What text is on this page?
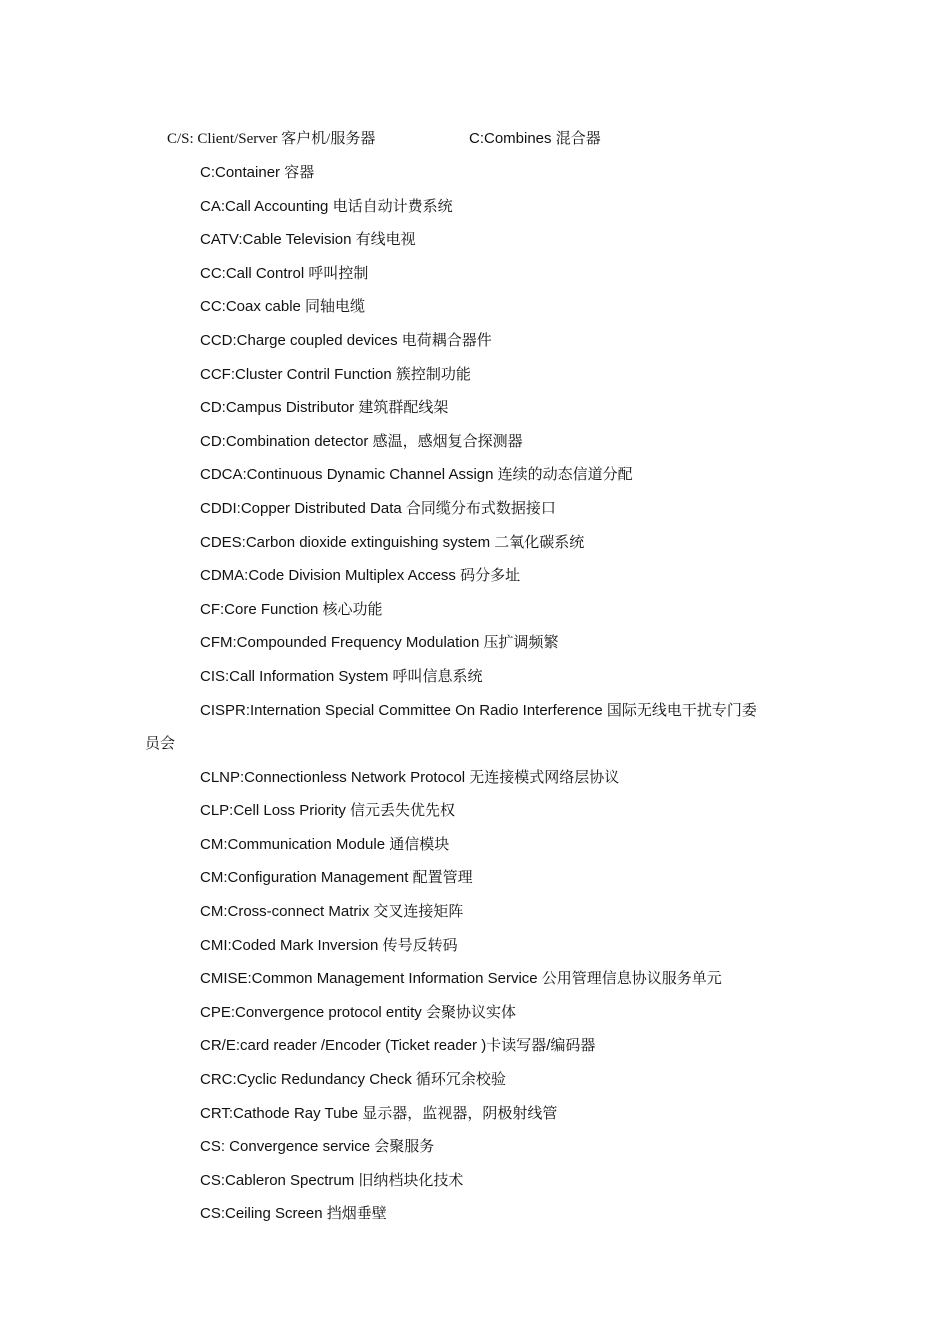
C/S: Client/Server 客户机/服务器	C:Combines 混合器
C:Container 容器
CA:Call Accounting 电话自动计费系统
CATV:Cable Television 有线电视
CC:Call Control 呼叫控制
CC:Coax cable 同轴电缆
CCD:Charge coupled devices 电荷耦合器件
CCF:Cluster Contril Function 簇控制功能
CD:Campus Distributor 建筑群配线架
CD:Combination detector 感温，感烟复合探测器
CDCA:Continuous Dynamic Channel Assign 连续的动态信道分配
CDDI:Copper Distributed Data 合同缆分布式数据接口
CDES:Carbon dioxide extinguishing system 二氧化碳系统
CDMA:Code Division Multiplex Access 码分多址
CF:Core Function 核心功能
CFM:Compounded Frequency Modulation 压扩调频繁
CIS:Call Information System 呼叫信息系统
CISPR:Internation Special Committee On Radio Interference 国际无线电干扰专门委
员会
CLNP:Connectionless Network Protocol 无连接模式网络层协议
CLP:Cell Loss Priority 信元丢失优先权
CM:Communication Module 通信模块
CM:Configuration Management 配置管理
CM:Cross-connect Matrix 交叉连接矩阵
CMI:Coded Mark Inversion 传号反转码
CMISE:Common Management Information Service 公用管理信息协议服务单元
CPE:Convergence protocol entity 会聚协议实体
CR/E:card reader /Encoder (Ticket reader )卡读写器/编码器
CRC:Cyclic Redundancy Check 循环冗余校验
CRT:Cathode Ray Tube 显示器，监视器，阴极射线管
CS: Convergence service 会聚服务
CS:Cableron Spectrum 旧纳档块化技术
CS:Ceiling Screen 挡烟垂壁
